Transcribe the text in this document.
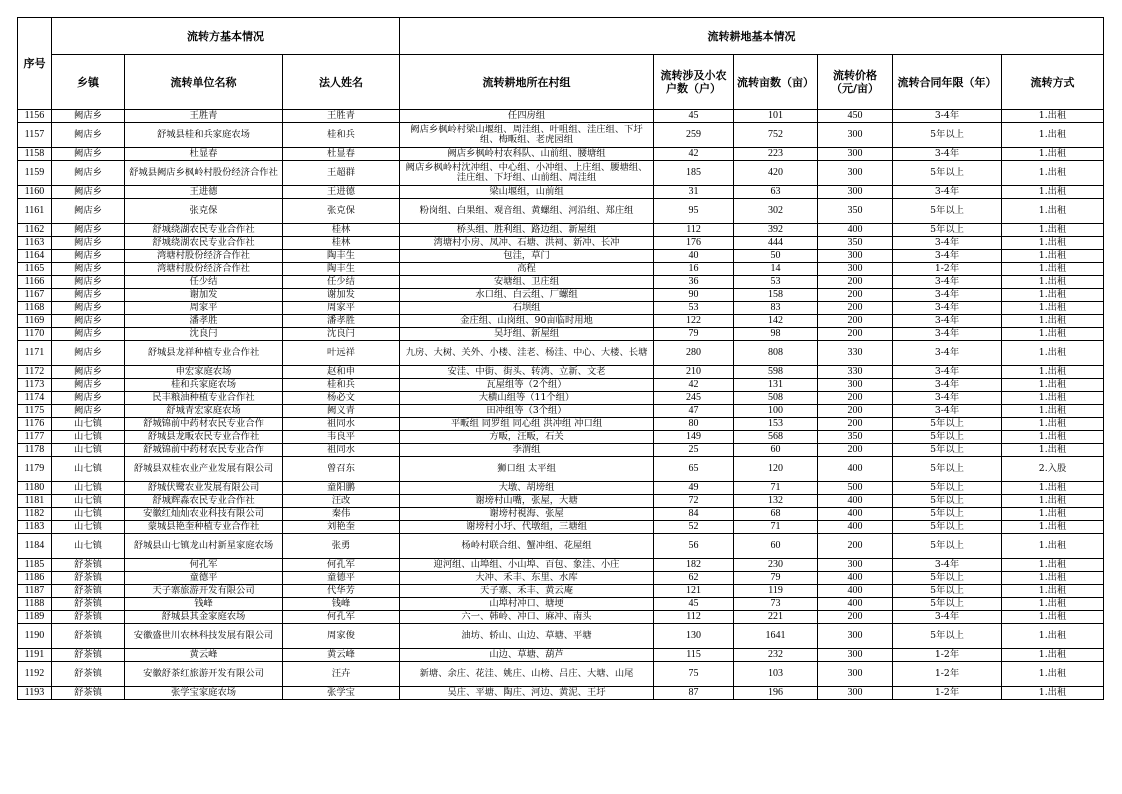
序号	流转方基本情况			流转耕地基本情况					
	乡镇	流转单位名称	法人姓名	流转耕地所在村组	流转涉及小农户数（户）	流转亩数（亩）	流转价格（元/亩）	流转合同年限（年）	流转方式
1156	阙店乡	王胜青	王胜青	任四房组	45	101	450	3-4年	1.出租
1157	阙店乡	舒城县桂和兵家庭农场	桂和兵	阙店乡枫岭村梁山堰组、周洼组、叶咀组、洼庄组、下圩组、梅畈组、老虎园组	259	752	300	5年以上	1.出租
1158	阙店乡	杜显春	杜显春	阙店乡枫岭村农科队、山前组、腰塘组	42	223	300	3-4年	1.出租
1159	阙店乡	舒城县阙店乡枫岭村股份经济合作社	王超群	阙店乡枫岭村沈冲组、中心组、小冲组、上庄组、腰塘组、洼庄组、下圩组、山前组、周洼组	185	420	300	5年以上	1.出租
1160	阙店乡	王进德	王进德	梁山堰组，山前组	31	63	300	3-4年	1.出租
1161	阙店乡	张克保	张克保	粉岗组、白果组、观音组、黄螺组、河沿组、郑庄组	95	302	350	5年以上	1.出租
1162	阙店乡	舒城绕湖农民专业合作社	桂林	桥头组、胜利组、路边组、新屋组	112	392	400	5年以上	1.出租
1163	阙店乡	舒城绕湖农民专业合作社	桂林	湾塘村小房、凤冲、石塘、洪祠、新冲、长冲	176	444	350	3-4年	1.出租
1164	阙店乡	湾塘村股份经济合作社	陶丰生	包洼，草门	40	50	300	3-4年	1.出租
1165	阙店乡	湾塘村股份经济合作社	陶丰生	高程	16	14	300	1-2年	1.出租
1166	阙店乡	任少结	任少结	安塘组、卫庄组	36	53	200	3-4年	1.出租
1167	阙店乡	谢加发	谢加发	水口组、白云组、厂螺组	90	158	200	3-4年	1.出租
1168	阙店乡	周家平	周家平	石坝组	53	83	200	3-4年	1.出租
1169	阙店乡	潘孝胜	潘孝胜	金庄组、山岗组、90亩临时用地	122	142	200	3-4年	1.出租
1170	阙店乡	沈良闩	沈良闩	吴圩组、新屋组	79	98	200	3-4年	1.出租
1171	阙店乡	舒城县龙祥种植专业合作社	叶远祥	九房、大树、关外、小楼、洼老、杨洼、中心、大楼、长塘	280	808	330	3-4年	1.出租
1172	阙店乡	申宏家庭农场	赵和申	安洼、中街、街头、转湾、立新、文老	210	598	330	3-4年	1.出租
1173	阙店乡	桂和兵家庭农场	桂和兵	瓦屋组等（2个组）	42	131	300	3-4年	1.出租
1174	阙店乡	民丰粮油种植专业合作社	杨必文	大横山组等（11个组）	245	508	200	3-4年	1.出租
1175	阙店乡	舒城青宏家庭农场	阙义青	田冲组等（3个组）	47	100	200	3-4年	1.出租
1176	山七镇	舒城锦前中药材农民专业合作	祖同水	平畈组 同罗组 同心组 洪冲组 冲口组	80	153	200	5年以上	1.出租
1177	山七镇	舒城县龙畈农民专业合作社	韦良平	方畈，汪畈，石关	149	568	350	5年以上	1.出租
1178	山七镇	舒城锦前中药材农民专业合作	祖同水	李渭组	25	60	200	5年以上	1.出租
1179	山七镇	舒城县双桂农业产业发展有限公司	曾召东	狮口组 太平组	65	120	400	5年以上	2.入股
1180	山七镇	舒城伏鹭农业发展有限公司	童阳鹏	大墩、胡塝组	49	71	500	5年以上	1.出租
1181	山七镇	舒城辉淼农民专业合作社	汪改	谢塝村山嘴，张屋，大塘	72	132	400	5年以上	1.出租
1182	山七镇	安徽红灿灿农业科技有限公司	秦伟	谢塝村視海、张屋	84	68	400	5年以上	1.出租
1183	山七镇	蒙城县艳奎种植专业合作社	刘艳奎	谢塝村小圩、代墩组，三塘组	52	71	400	5年以上	1.出租
1184	山七镇	舒城县山七镇龙山村新星家庭农场	张勇	杨岭村联合组、蟹冲组、花屋组	56	60	200	5年以上	1.出租
1185	舒茶镇	何孔军	何孔军	迎河组、山埠组、小山埠、百包、象洼、小庄	182	230	300	3-4年	1.出租
1186	舒茶镇	童德平	童德平	大冲、禾丰、东里、水库	62	79	400	5年以上	1.出租
1187	舒茶镇	天子寨旅游开发有限公司	代华芳	天子寨、禾丰、黄云庵	121	119	400	5年以上	1.出租
1188	舒茶镇	钱峰	钱峰	山埠村冲口、塘埂	45	73	400	5年以上	1.出租
1189	舒茶镇	舒城县其金家庭农场	何孔军	六一、韩岭、冲口、麻冲、南头	112	221	200	3-4年	1.出租
1190	舒茶镇	安徽盛世川农林科技发展有限公司	周家俊	油坊、轿山、山边、草塘、平塘	130	1641	300	5年以上	1.出租
1191	舒茶镇	黄云峰	黄云峰	山边、草塘、葫芦	115	232	300	1-2年	1.出租
1192	舒茶镇	安徽舒茶红旅游开发有限公司	汪卉	新塘、余庄、花洼、姚庄、山榜、吕庄、大塘、山尾	75	103	300	1-2年	1.出租
1193	舒茶镇	张学宝家庭农场	张学宝	吴庄、平塘、陶庄、河边、黄泥、王圩	87	196	300	1-2年	1.出租
